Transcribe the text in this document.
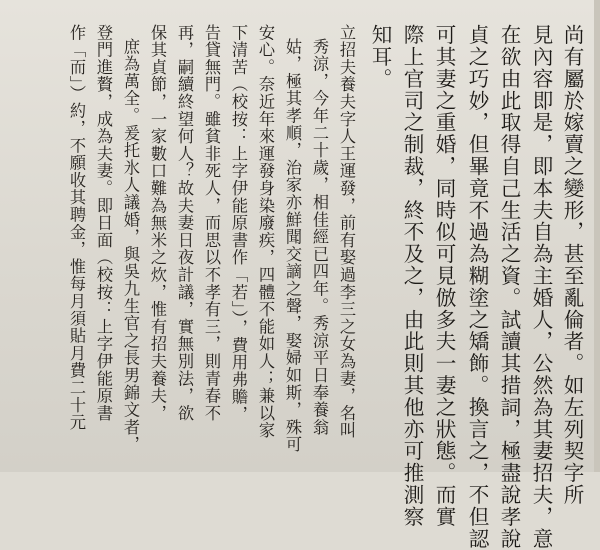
尚有屬於嫁賣之變形，甚至亂倫者。如左列契字所
見內容即是，即本夫自為主婚人，公然為其妻招夫，意
在欲由此取得自己生活之資。試讀其措詞，極盡說孝說
貞之巧妙，但畢竟不過為糊塗之矯飾。換言之，不但認
可其妻之重婚，同時似可見倣多夫一妻之狀態。而實
際上官司之制裁，終不及之，由此則其他亦可推測察
知耳。
立招夫養夫字人王運發，前有娶過李三之女為妻，名叫
秀涼，今年二十歲，相佳經已四年。秀涼平日奉養翁
姑，極其孝順，治家亦鮮聞交謫之聲，娶婦如斯，殊可
安心。奈近年來運發身染廢疾，四體不能如人；兼以家
下清苦（校按：上字伊能原書作「若」），費用弗贍，
告貸無門。雖貧非死人，而思以不孝有三，則青春不
再，嗣續終望何人？故夫妻日夜計議，實無別法，欲
保其貞節，一家數口難為無米之炊，惟有招夫養夫，
庶為萬全。爰托氷人議婚，與吳九生官之長男錦文者，
登門進贅，成為夫妻。即日面（校按：上字伊能原書
作「而」）約，不願收其聘金，惟每月須貼月費二十元
